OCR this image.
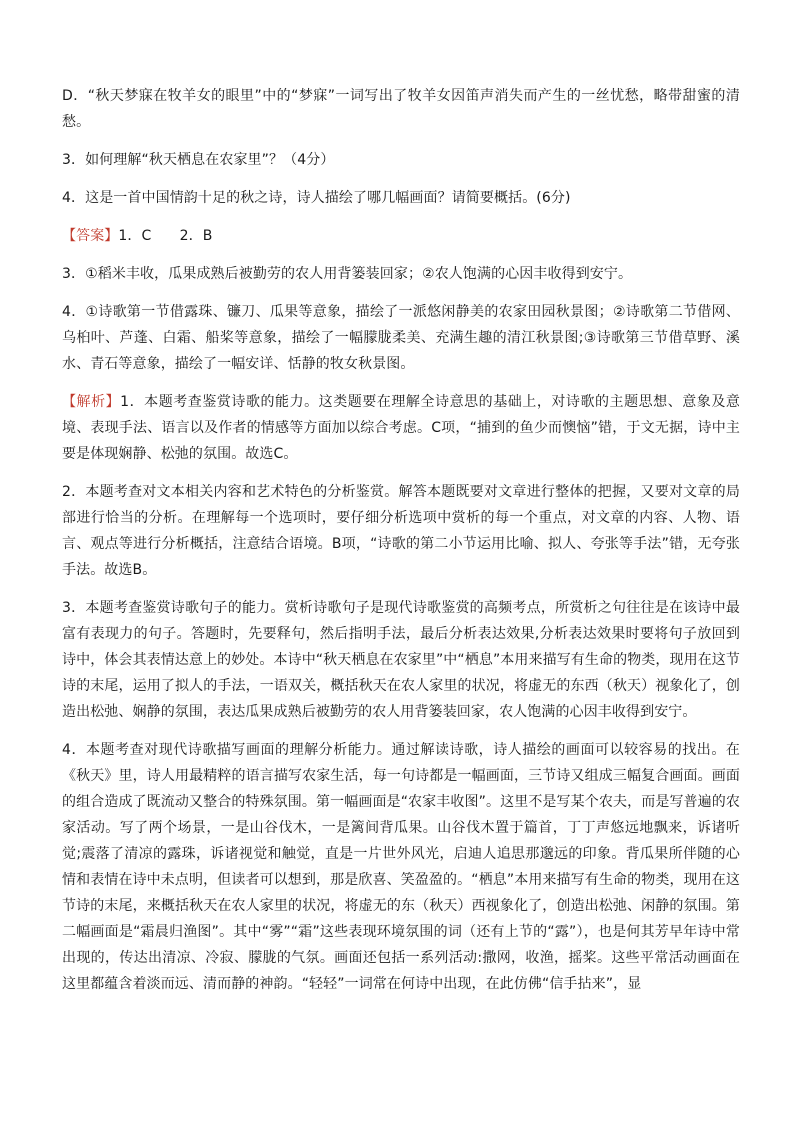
D．“秋天梦寐在牧羊女的眼里”中的“梦寐”一词写出了牧羊女因笛声消失而产生的一丝忧愁，略带甜蜜的清愁。

3．如何理解“秋天栖息在农家里”？（4分）

4．这是一首中国情韵十足的秋之诗，诗人描绘了哪几幅画面？请简要概括。(6分)

【答案】1．C　　2．B

3．①稻米丰收，瓜果成熟后被勤劳的农人用背篓装回家；②农人饱满的心因丰收得到安宁。

4．①诗歌第一节借露珠、镰刀、瓜果等意象，描绘了一派悠闲静美的农家田园秋景图；②诗歌第二节借网、乌桕叶、芦蓬、白霜、船桨等意象，描绘了一幅朦胧柔美、充满生趣的清江秋景图;③诗歌第三节借草野、溪水、青石等意象，描绘了一幅安详、恬静的牧女秋景图。

【解析】1．本题考查鉴赏诗歌的能力。这类题要在理解全诗意思的基础上，对诗歌的主题思想、意象及意境、表现手法、语言以及作者的情感等方面加以综合考虑。C项，“捕到的鱼少而懊恼”错，于文无据，诗中主要是体现娴静、松弛的氛围。故选C。

2．本题考查对文本相关内容和艺术特色的分析鉴赏。解答本题既要对文章进行整体的把握，又要对文章的局部进行恰当的分析。在理解每一个选项时，要仔细分析选项中赏析的每一个重点，对文章的内容、人物、语言、观点等进行分析概括，注意结合语境。B项，“诗歌的第二小节运用比喻、拟人、夸张等手法”错，无夸张手法。故选B。

3．本题考查鉴赏诗歌句子的能力。赏析诗歌句子是现代诗歌鉴赏的高频考点，所赏析之句往往是在该诗中最富有表现力的句子。答题时，先要释句，然后指明手法，最后分析表达效果,分析表达效果时要将句子放回到诗中，体会其表情达意上的妙处。本诗中“秋天栖息在农家里”中“栖息”本用来描写有生命的物类，现用在这节诗的末尾，运用了拟人的手法，一语双关，概括秋天在农人家里的状况，将虚无的东西（秋天）视象化了，创造出松弛、娴静的氛围，表达瓜果成熟后被勤劳的农人用背篓装回家，农人饱满的心因丰收得到安宁。

4．本题考查对现代诗歌描写画面的理解分析能力。通过解读诗歌，诗人描绘的画面可以较容易的找出。在《秋天》里，诗人用最精粹的语言描写农家生活，每一句诗都是一幅画面，三节诗又组成三幅复合画面。画面的组合造成了既流动又整合的特殊氛围。第一幅画面是“农家丰收图”。这里不是写某个农夫，而是写普遍的农家活动。写了两个场景，一是山谷伐木，一是篱间背瓜果。山谷伐木置于篇首，丁丁声悠远地飘来，诉诸听觉;震落了清凉的露珠，诉诸视觉和触觉，直是一片世外风光，启迪人追思那邈远的印象。背瓜果所伴随的心情和表情在诗中未点明，但读者可以想到，那是欣喜、笑盈盈的。“栖息”本用来描写有生命的物类，现用在这节诗的末尾，来概括秋天在农人家里的状况，将虚无的东（秋天）西视象化了，创造出松弛、闲静的氛围。第二幅画面是“霜晨归渔图”。其中“雾”“霜”这些表现环境氛围的词（还有上节的“露”），也是何其芳早年诗中常出现的，传达出清凉、冷寂、朦胧的气氛。画面还包括一系列活动:撒网，收渔，摇桨。这些平常活动画面在这里都蕴含着淡而远、清而静的神韵。“轻轻”一词常在何诗中出现，在此仿佛“信手拈来”，显
